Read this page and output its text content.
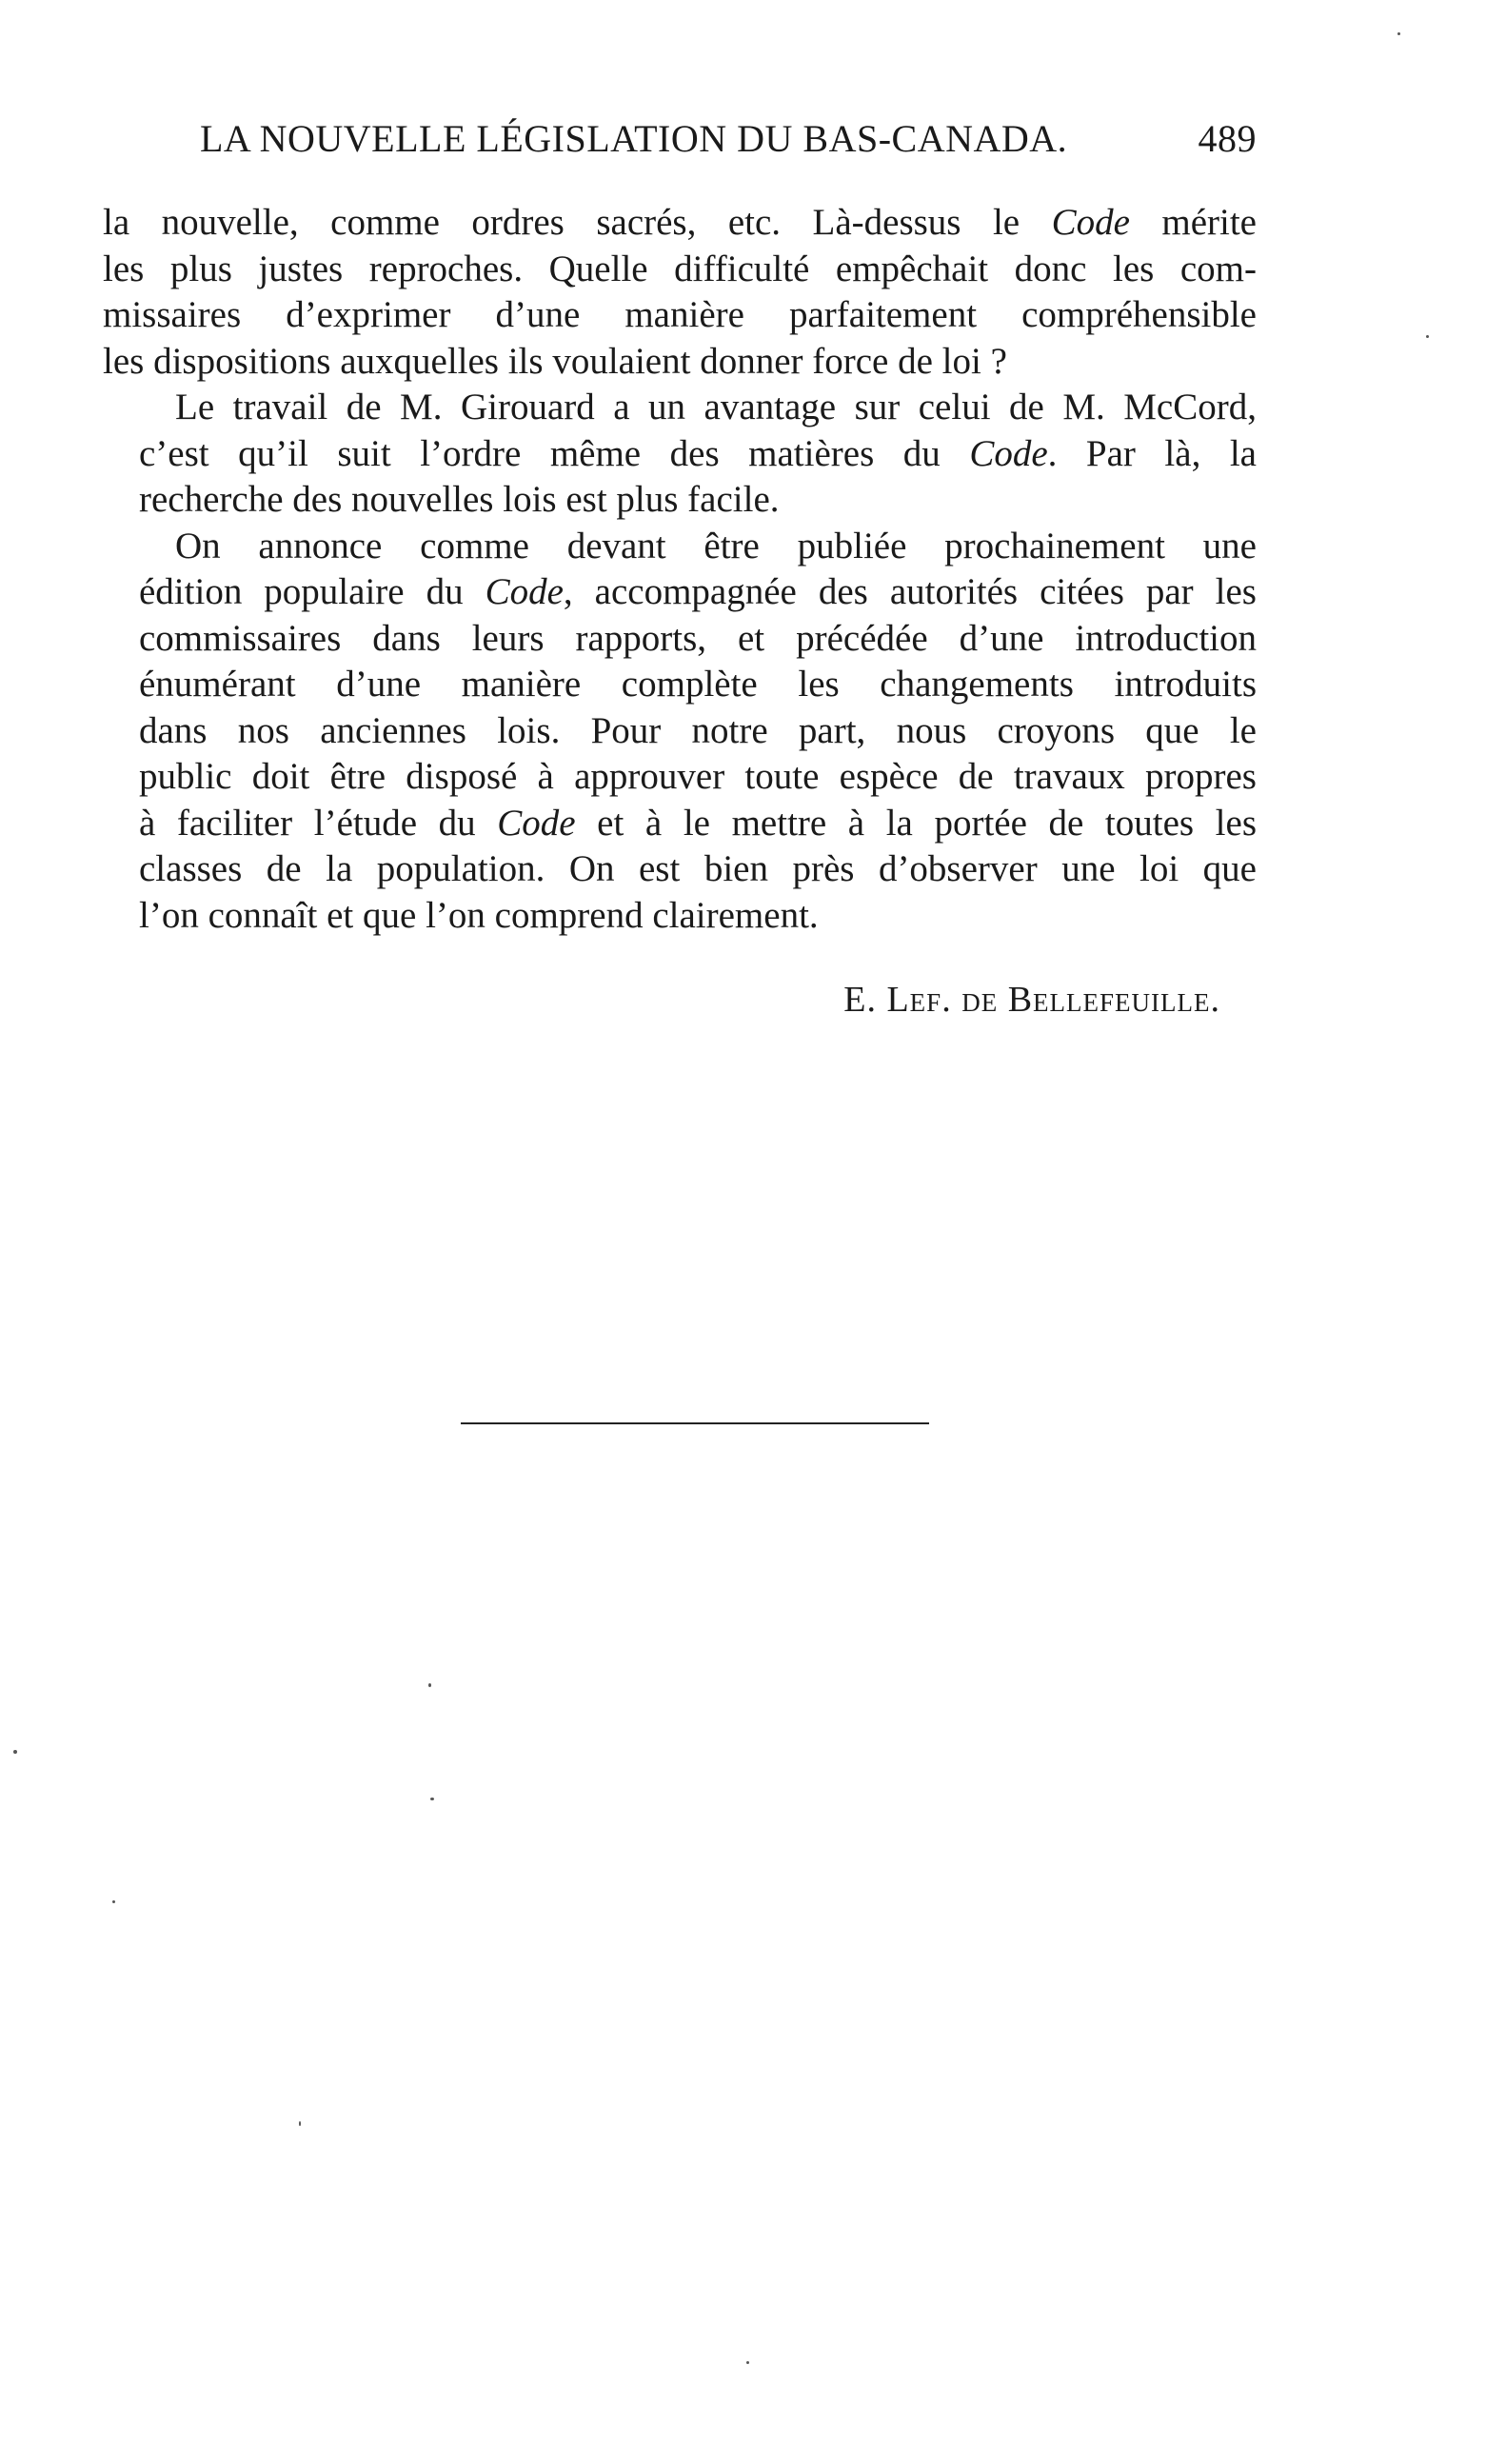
LA NOUVELLE LÉGISLATION DU BAS-CANADA.	489
la nouvelle, comme ordres sacrés, etc. Là-dessus le Code mérite
les plus justes reproches. Quelle difficulté empêchait donc les com-
missaires d’exprimer d’une manière parfaitement compréhensible
les dispositions auxquelles ils voulaient donner force de loi ?
Le travail de M. Girouard a un avantage sur celui de M. McCord,
c’est qu’il suit l’ordre même des matières du Code. Par là, la
recherche des nouvelles lois est plus facile.
On annonce comme devant être publiée prochainement une
édition populaire du Code, accompagnée des autorités citées par les
commissaires dans leurs rapports, et précédée d’une introduction
énumérant d’une manière complète les changements introduits
dans nos anciennes lois. Pour notre part, nous croyons que le
public doit être disposé à approuver toute espèce de travaux propres
à faciliter l’étude du Code et à le mettre à la portée de toutes les
classes de la population. On est bien près d’observer une loi que
l’on connaît et que l’on comprend clairement.
E. Lef. de Bellefeuille.
